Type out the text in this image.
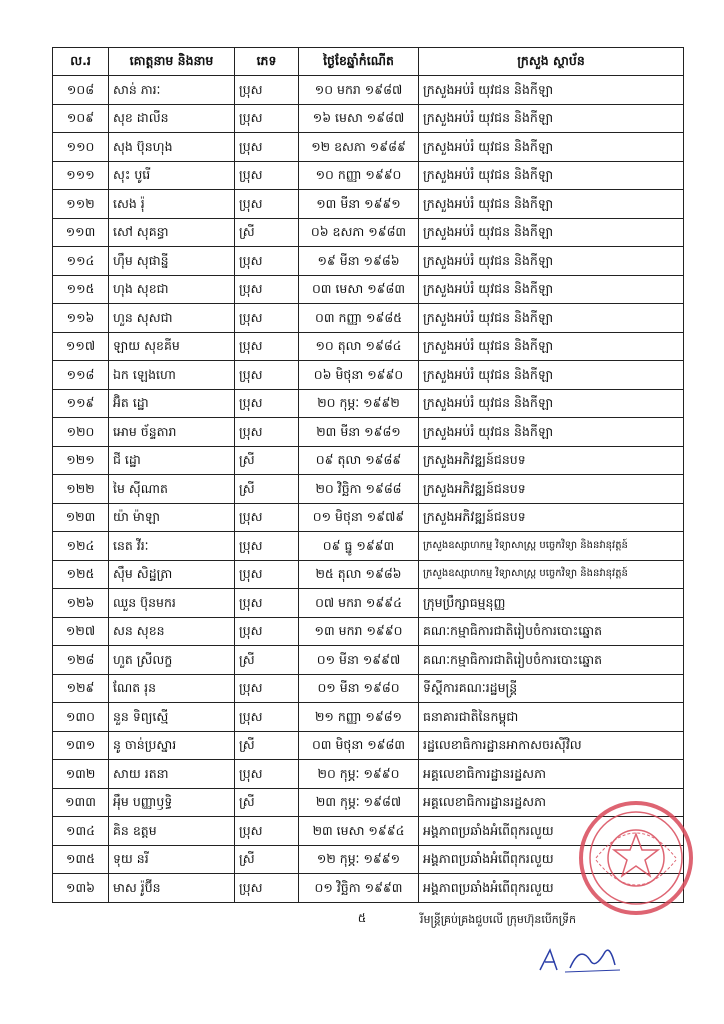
ល.រ	គោត្តនាម និងនាម	ភេទ	ថ្ងៃខែឆ្នាំកំណើត	ក្រសួង ស្ថាប័ន
១០៨	សាន់ ភារៈ	ប្រុស	១០ មករា ១៩៨៧	ក្រសួងអប់រំ យុវជន និងកីឡា
១០៩	សុខ ដាលីន	ប្រុស	១៦ មេសា ១៩៨៧	ក្រសួងអប់រំ យុវជន និងកីឡា
១១០	សុង ប៊ុនហុង	ប្រុស	១២ ឧសភា ១៩៨៩	ក្រសួងអប់រំ យុវជន និងកីឡា
១១១	សុះ បូរេី	ប្រុស	១០ កញ្ញា ១៩៩០	ក្រសួងអប់រំ យុវជន និងកីឡា
១១២	សេង រ៉ុ	ប្រុស	១៣ មីនា ១៩៩១	ក្រសួងអប់រំ យុវជន និងកីឡា
១១៣	សៅ សុគន្ធា	ស្រី	០៦ ឧសភា ១៩៨៣	ក្រសួងអប់រំ យុវជន និងកីឡា
១១៤	ហ៊ឹម សុផាន្នី	ប្រុស	១៩ មីនា ១៩៨៦	ក្រសួងអប់រំ យុវជន និងកីឡា
១១៥	ហុង សុខជា	ប្រុស	០៣ មេសា ១៩៨៣	ក្រសួងអប់រំ យុវជន និងកីឡា
១១៦	ហួន សុសជា	ប្រុស	០៣ កញ្ញា ១៩៨៥	ក្រសួងអប់រំ យុវជន និងកីឡា
១១៧	ឡាយ សុខគីម	ប្រុស	១០ តុលា ១៩៨៤	ក្រសួងអប់រំ យុវជន និងកីឡា
១១៨	ឯក ឡេងហោ	ប្រុស	០៦ មិថុនា ១៩៩០	ក្រសួងអប់រំ យុវជន និងកីឡា
១១៩	អ៊ិត ដ្ឋោ	ប្រុស	២០ កុម្ភៈ ១៩៩២	ក្រសួងអប់រំ យុវជន និងកីឡា
១២០	អោម ច័ន្ទតារា	ប្រុស	២៣ មីនា ១៩៨១	ក្រសួងអប់រំ យុវជន និងកីឡា
១២១	ជី ដ្ឋោ	ស្រី	០៩ តុលា ១៩៨៩	ក្រសួងអភិវឌ្ឍន៍ជនបទ
១២២	មៃ ស៊ីណាត	ស្រី	២០ វិច្ឆិកា ១៩៨៨	ក្រសួងអភិវឌ្ឍន៍ជនបទ
១២៣	យ៉ា ម៉ាឡា	ប្រុស	០១ មិថុនា ១៩៧៩	ក្រសួងអភិវឌ្ឍន៍ជនបទ
១២៤	នេត វីរៈ	ប្រុស	០៩ ធ្នូ ១៩៩៣	ក្រសួងឧស្សាហកម្ម វិទ្យាសាស្ត្រ បច្ចេកវិទ្យា និងនវានុវត្តន៍
១២៥	ស៊ឹម សិដ្ឋត្រា	ប្រុស	២៥ តុលា ១៩៨៦	ក្រសួងឧស្សាហកម្ម វិទ្យាសាស្ត្រ បច្ចេកវិទ្យា និងនវានុវត្តន៍
១២៦	ឈួន ប៊ុនមករ	ប្រុស	០៧ មករា ១៩៩៤	ក្រុមប្រឹក្សាធម្មនុញ្ញ
១២៧	សន សុខន	ប្រុស	១៣ មករា ១៩៩០	គណៈកម្មាធិការជាតិរៀបចំការបោះឆ្នោត
១២៨	ហួត ស្រីលក្ខ	ស្រី	០១ មីនា ១៩៩៧	គណៈកម្មាធិការជាតិរៀបចំការបោះឆ្នោត
១២៩	ណែត រុន	ប្រុស	០១ មីនា ១៩៨០	ទីស្ដីការគណៈរដ្ឋមន្ត្រី
១៣០	នួន ទិព្យស្មើ	ប្រុស	២១ កញ្ញា ១៩៨១	ធនាគារជាតិនៃកម្ពុជា
១៣១	នូ ចាន់ប្រស្នារ	ស្រី	០៣ មិថុនា ១៩៨៣	រដ្ឋលេខាធិការដ្ឋានអាកាសចរស៊ីវិល
១៣២	សាយ រតនា	ប្រុស	២០ កុម្ភៈ ១៩៩០	អគ្គលេខាធិការដ្ឋានរដ្ឋសភា
១៣៣	អុឹម បញ្ញាឫទ្ធិ	ស្រី	២៣ កុម្ភៈ ១៩៨៧	អគ្គលេខាធិការដ្ឋានរដ្ឋសភា
១៣៤	គិន ឧត្តម	ប្រុស	២៣ មេសា ១៩៩៤	អង្គភាពប្រឆាំងអំពើពុករលួយ
១៣៥	ទុយ នរី	ស្រី	១២ កុម្ភៈ ១៩៩១	អង្គភាពប្រឆាំងអំពើពុករលួយ
១៣៦	មាស រ៉ូប៊ីន	ប្រុស	០១ វិច្ឆិកា ១៩៩៣	អង្គភាពប្រឆាំងអំពើពុករលួយ
៥	រីមន្ត្រីគ្រប់គ្រងជួបលើ ក្រុមហ៊ុនបើកទ្រីក
